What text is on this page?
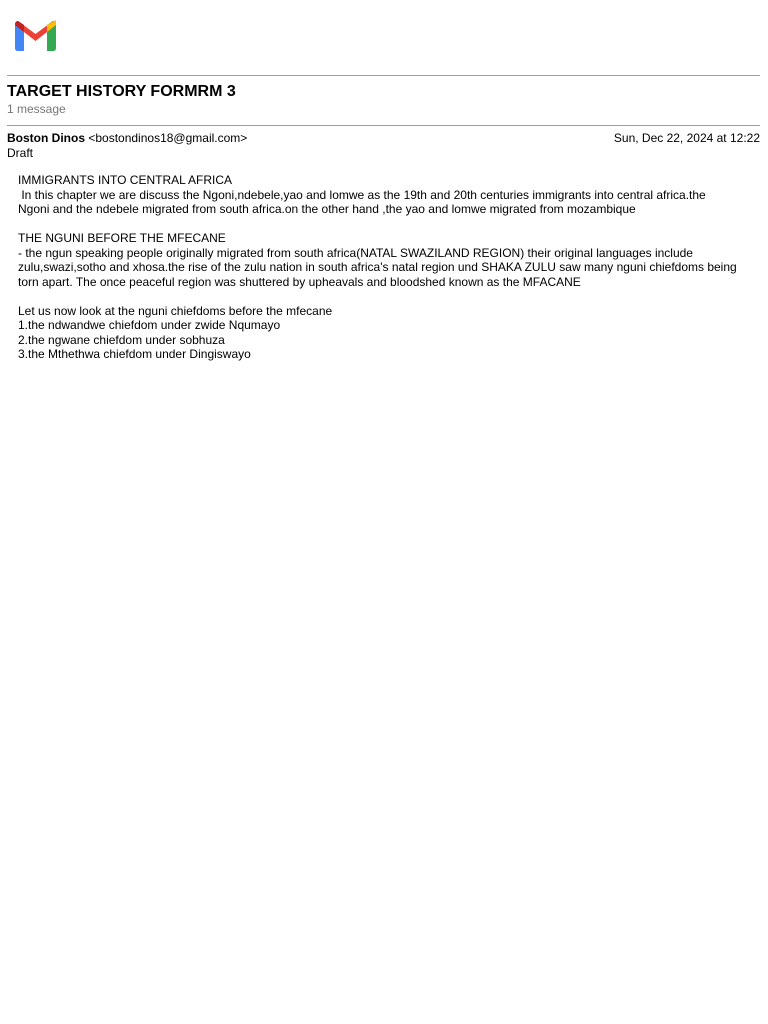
TARGET HISTORY FORMRM 3
1 message
Boston Dinos <bostondinos18@gmail.com>	Sun, Dec 22, 2024 at 12:22
Draft
IMMIGRANTS INTO CENTRAL AFRICA
In this chapter we are discuss the Ngoni,ndebele,yao and lomwe as the 19th and 20th centuries immigrants into central africa.the
Ngoni and the ndebele migrated from south africa.on the other hand ,the yao and lomwe migrated from mozambique
THE NGUNI BEFORE THE MFECANE
- the ngun speaking people originally migrated from south africa(NATAL SWAZILAND REGION) their original languages include
zulu,swazi,sotho and xhosa.the rise of the zulu nation in south africa's natal region und SHAKA ZULU saw many nguni chiefdoms being
torn apart. The once peaceful region was shuttered by upheavals and bloodshed known as the MFACANE
Let us now look at the nguni chiefdoms before the mfecane
1.the ndwandwe chiefdom under zwide Nqumayo
2.the ngwane chiefdom under sobhuza
3.the Mthethwa chiefdom under Dingiswayo
